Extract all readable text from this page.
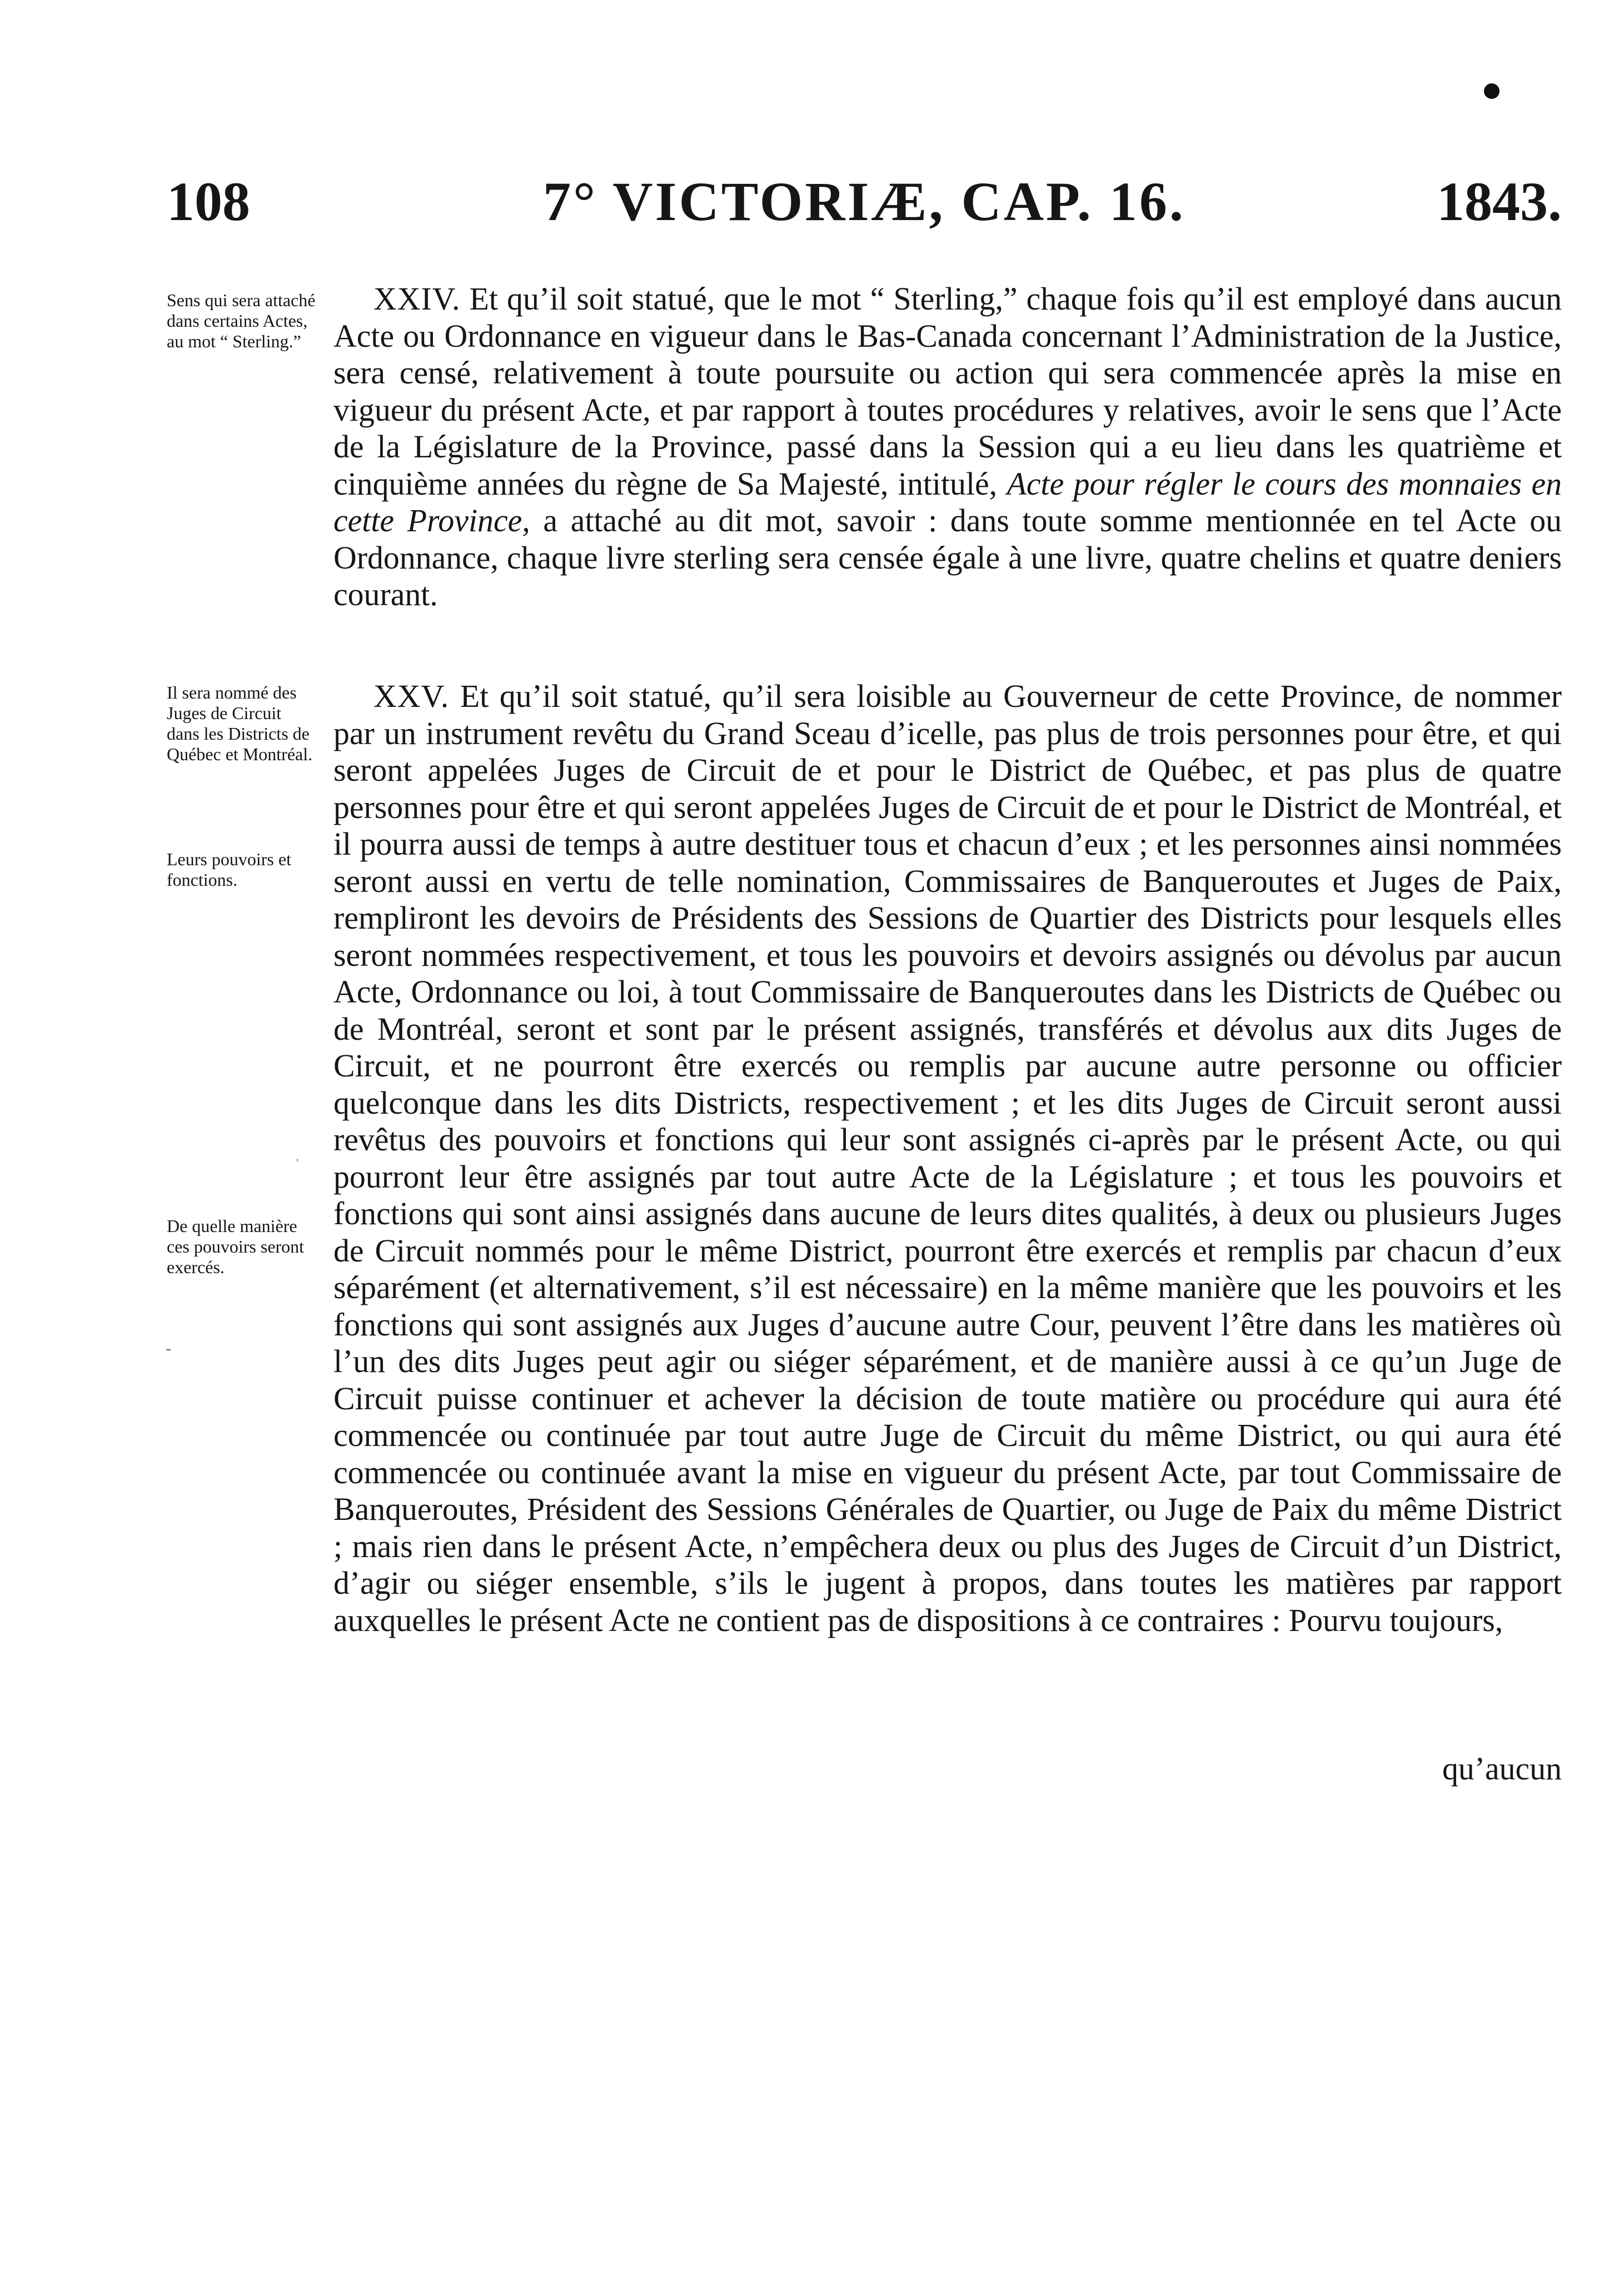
108	7° VICTORIÆ, CAP. 16.	1843.
Sens qui sera attaché dans certains Actes, au mot “ Sterling.”
Il sera nommé des Juges de Circuit dans les Districts de Québec et Montréal.
Leurs pouvoirs et fonctions.
De quelle manière ces pouvoirs seront exercés.

XXIV. Et qu’il soit statué, que le mot “ Sterling,” chaque fois qu’il est employé dans aucun Acte ou Ordonnance en vigueur dans le Bas-Canada concernant l’Administration de la Justice, sera censé, relativement à toute poursuite ou action qui sera commencée après la mise en vigueur du présent Acte, et par rapport à toutes procédures y relatives, avoir le sens que l’Acte de la Législature de la Province, passé dans la Session qui a eu lieu dans les quatrième et cinquième années du règne de Sa Majesté, intitulé, Acte pour régler le cours des monnaies en cette Province, a attaché au dit mot, savoir : dans toute somme mentionnée en tel Acte ou Ordonnance, chaque livre sterling sera censée égale à une livre, quatre chelins et quatre deniers courant.

XXV. Et qu’il soit statué, qu’il sera loisible au Gouverneur de cette Province, de nommer par un instrument revêtu du Grand Sceau d’icelle, pas plus de trois personnes pour être, et qui seront appelées Juges de Circuit de et pour le District de Québec, et pas plus de quatre personnes pour être et qui seront appelées Juges de Circuit de et pour le District de Montréal, et il pourra aussi de temps à autre destituer tous et chacun d’eux ; et les personnes ainsi nommées seront aussi en vertu de telle nomination, Commissaires de Banqueroutes et Juges de Paix, rempliront les devoirs de Présidents des Sessions de Quartier des Districts pour lesquels elles seront nommées respectivement, et tous les pouvoirs et devoirs assignés ou dévolus par aucun Acte, Ordonnance ou loi, à tout Commissaire de Banqueroutes dans les Districts de Québec ou de Montréal, seront et sont par le présent assignés, transférés et dévolus aux dits Juges de Circuit, et ne pourront être exercés ou remplis par aucune autre personne ou officier quelconque dans les dits Districts, respectivement ; et les dits Juges de Circuit seront aussi revêtus des pouvoirs et fonctions qui leur sont assignés ci-après par le présent Acte, ou qui pourront leur être assignés par tout autre Acte de la Législature ; et tous les pouvoirs et fonctions qui sont ainsi assignés dans aucune de leurs dites qualités, à deux ou plusieurs Juges de Circuit nommés pour le même District, pourront être exercés et remplis par chacun d’eux séparément (et alternativement, s’il est nécessaire) en la même manière que les pouvoirs et les fonctions qui sont assignés aux Juges d’aucune autre Cour, peuvent l’être dans les matières où l’un des dits Juges peut agir ou siéger séparément, et de manière aussi à ce qu’un Juge de Circuit puisse continuer et achever la décision de toute matière ou procédure qui aura été commencée ou continuée par tout autre Juge de Circuit du même District, ou qui aura été commencée ou continuée avant la mise en vigueur du présent Acte, par tout Commissaire de Banqueroutes, Président des Sessions Générales de Quartier, ou Juge de Paix du même District ; mais rien dans le présent Acte, n’empêchera deux ou plus des Juges de Circuit d’un District, d’agir ou siéger ensemble, s’ils le jugent à propos, dans toutes les matières par rapport auxquelles le présent Acte ne contient pas de dispositions à ce contraires : Pourvu toujours,

qu’aucun
ˈ
-
